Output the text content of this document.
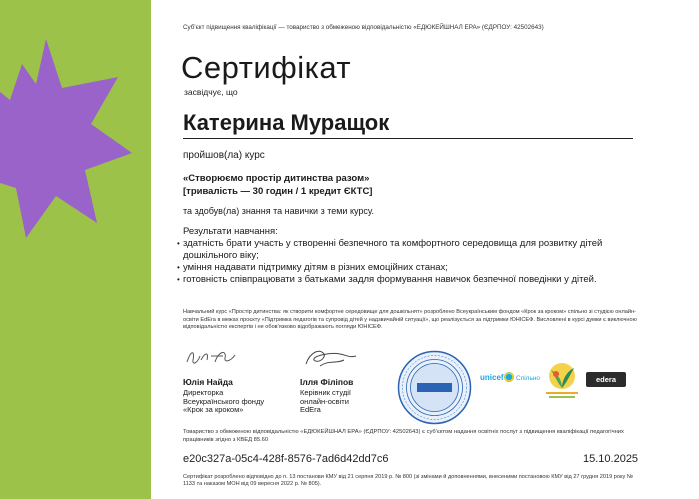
Суб'єкт підвищення кваліфікації — товариство з обмеженою відповідальністю «ЕДЮКЕЙШНАЛ ЕРА» (ЄДРПОУ: 42502643)
Сертифікат
засвідчує, що
Катерина Муращок
пройшов(ла) курс
«Створюємо простір дитинства разом»
[тривалість — 30 годин / 1 кредит ЄКТС]
та здобув(ла) знання та навички з теми курсу.
Результати навчання:
• здатність брати участь у створенні безпечного та комфортного середовища для розвитку дітей дошкільного віку;
• уміння надавати підтримку дітям в різних емоційних станах;
• готовність співпрацювати з батьками задля формування навичок безпечної поведінки у дітей.
Навчальний курс «Простір дитинства: як створити комфортне середовище для дошкільнят» розроблено Всеукраїнським фондом «Крок за кроком» спільно зі студією онлайн-освіти EdEra в межах проєкту «Підтримка педагогів та супровід дітей у надзвичайній ситуації», що реалізується за підтримки ЮНІСЕФ. Висловлені в курсі думки є виключною відповідальністю експертів і не обов'язково відображають погляди ЮНІСЕФ.
Юлія Найда
Директорка
Всеукраїнського фонду
«Крок за кроком»
Ілля Філіпов
Керівник студії
онлайн-освіти
EdEra
unicef Спільно	edera
Товариство з обмеженою відповідальністю «ЕДЮКЕЙШНАЛ ЕРА» (ЄДРПОУ: 42502643) є суб'єктом надання освітніх послуг з підвищення кваліфікації педагогічних працівників згідно з КВЕД 85.60
e20c327a-05c4-428f-8576-7ad6d42dd7c6	15.10.2025
Сертифікат розроблено відповідно до п. 13 постанови КМУ від 21 серпня 2019 р. № 800 (зі змінами й доповненнями, внесеними постановою КМУ від 27 грудня 2019 року № 1133 та наказом МОН від 09 вересня 2022 р. № 805).
